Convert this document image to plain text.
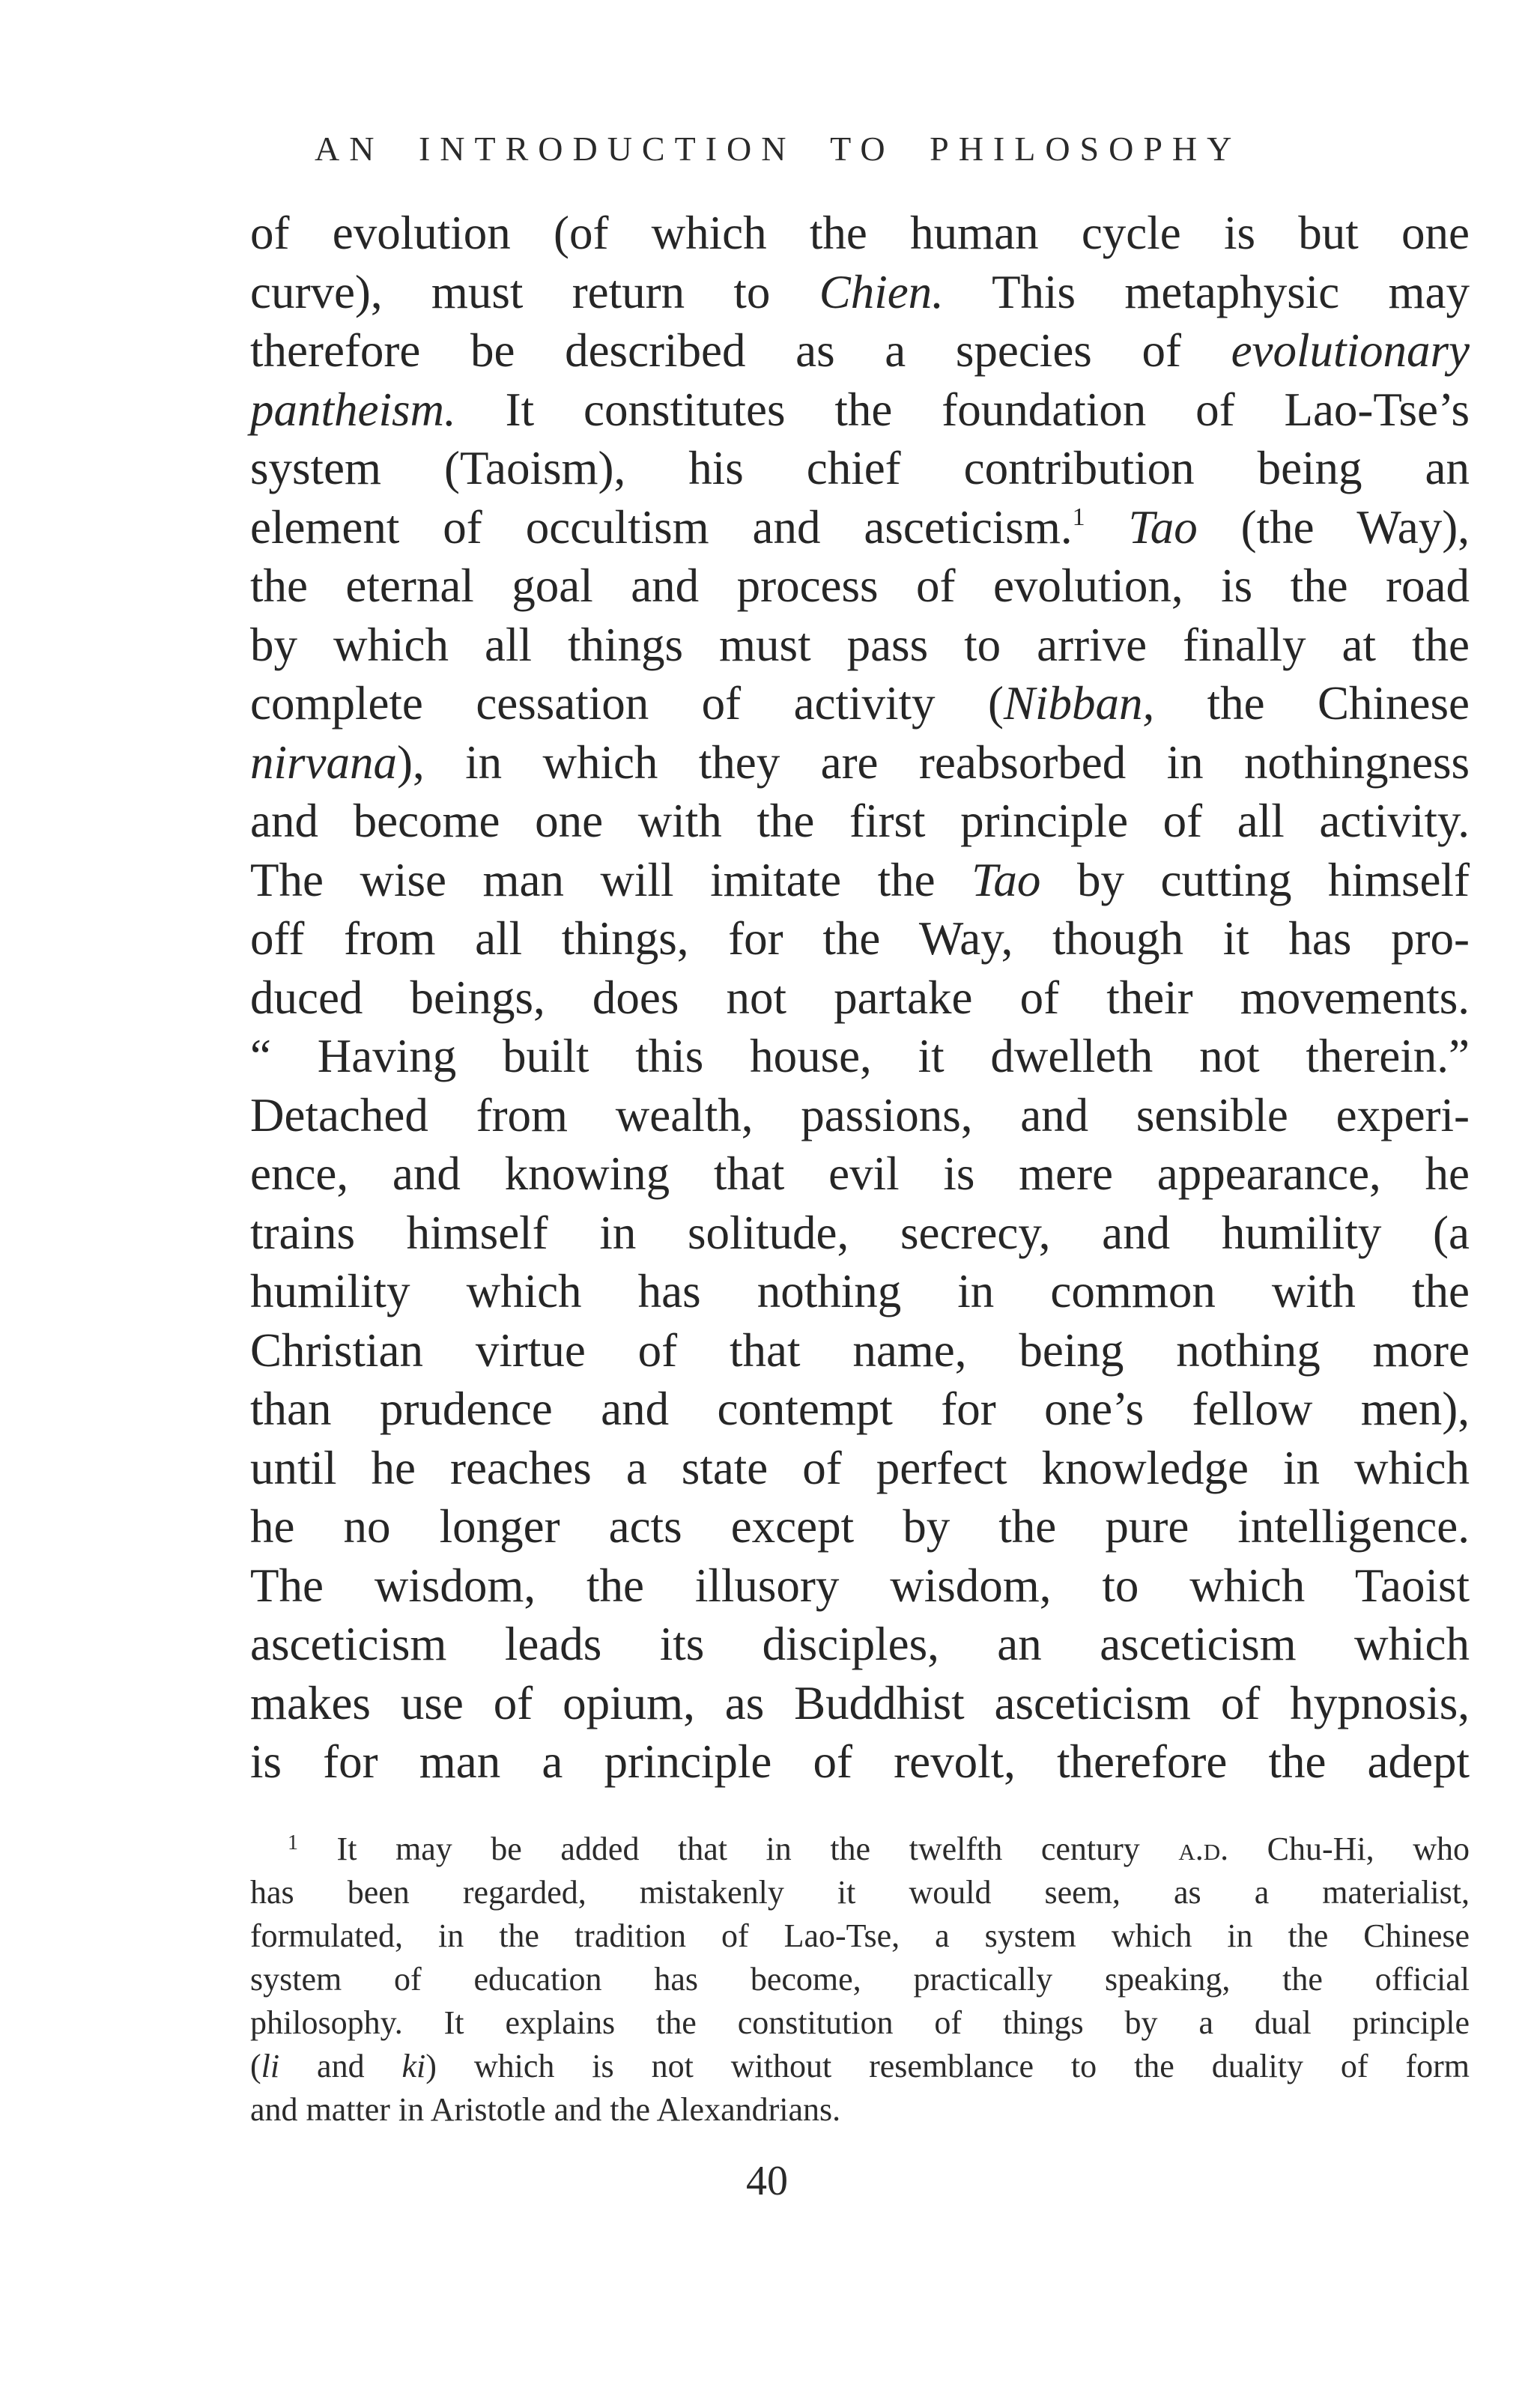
AN INTRODUCTION TO PHILOSOPHY
of evolution (of which the human cycle is but one
curve), must return to Chien. This metaphysic may
therefore be described as a species of evolutionary
pantheism. It constitutes the foundation of Lao-Tse’s
system (Taoism), his chief contribution being an
element of occultism and asceticism.$^1$ Tao (the Way),
the eternal goal and process of evolution, is the road
by which all things must pass to arrive finally at the
complete cessation of activity (Nibban, the Chinese
nirvana), in which they are reabsorbed in nothingness
and become one with the first principle of all activity.
The wise man will imitate the Tao by cutting himself
off from all things, for the Way, though it has pro-
duced beings, does not partake of their movements.
“ Having built this house, it dwelleth not therein.”
Detached from wealth, passions, and sensible experi-
ence, and knowing that evil is mere appearance, he
trains himself in solitude, secrecy, and humility (a
humility which has nothing in common with the
Christian virtue of that name, being nothing more
than prudence and contempt for one’s fellow men),
until he reaches a state of perfect knowledge in which
he no longer acts except by the pure intelligence.
The wisdom, the illusory wisdom, to which Taoist
asceticism leads its disciples, an asceticism which
makes use of opium, as Buddhist asceticism of hypnosis,
is for man a principle of revolt, therefore the adept
$^1$ It may be added that in the twelfth century a.d. Chu-Hi, who
has been regarded, mistakenly it would seem, as a materialist,
formulated, in the tradition of Lao-Tse, a system which in the Chinese
system of education has become, practically speaking, the official
philosophy. It explains the constitution of things by a dual principle
(li and ki) which is not without resemblance to the duality of form
and matter in Aristotle and the Alexandrians.
40
